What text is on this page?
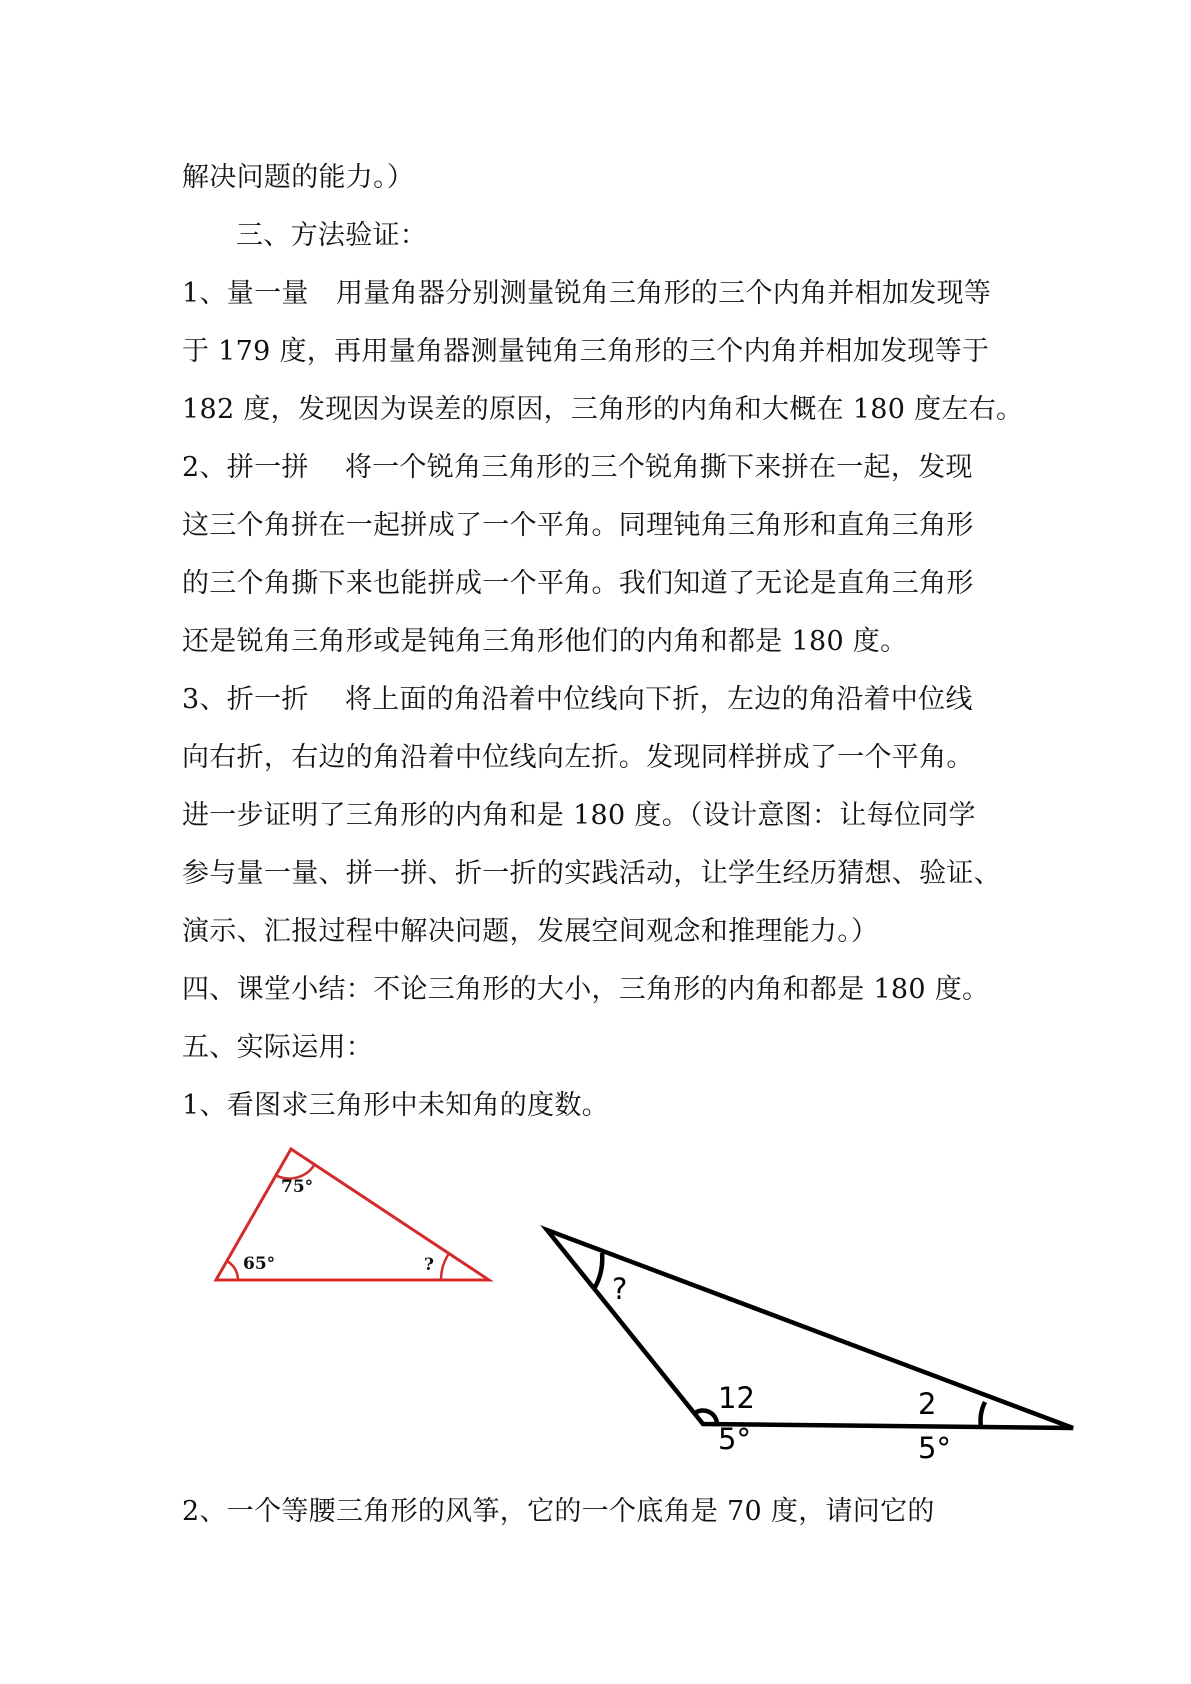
解决问题的能力。）
三、方法验证：
1、量一量　用量角器分别测量锐角三角形的三个内角并相加发现等
于 179 度，再用量角器测量钝角三角形的三个内角并相加发现等于
182 度，发现因为误差的原因，三角形的内角和大概在 180 度左右。
2、拼一拼　 将一个锐角三角形的三个锐角撕下来拼在一起，发现
这三个角拼在一起拼成了一个平角。同理钝角三角形和直角三角形
的三个角撕下来也能拼成一个平角。我们知道了无论是直角三角形
还是锐角三角形或是钝角三角形他们的内角和都是 180 度。
3、折一折　 将上面的角沿着中位线向下折，左边的角沿着中位线
向右折，右边的角沿着中位线向左折。发现同样拼成了一个平角。
进一步证明了三角形的内角和是 180 度。（设计意图：让每位同学
参与量一量、拼一拼、折一折的实践活动，让学生经历猜想、验证、
演示、汇报过程中解决问题，发展空间观念和推理能力。）
四、课堂小结：不论三角形的大小，三角形的内角和都是 180 度。
五、实际运用：
1、看图求三角形中未知角的度数。
75°
65°	?
?
12
5°
2
5°
2、一个等腰三角形的风筝，它的一个底角是 70 度，请问它的
